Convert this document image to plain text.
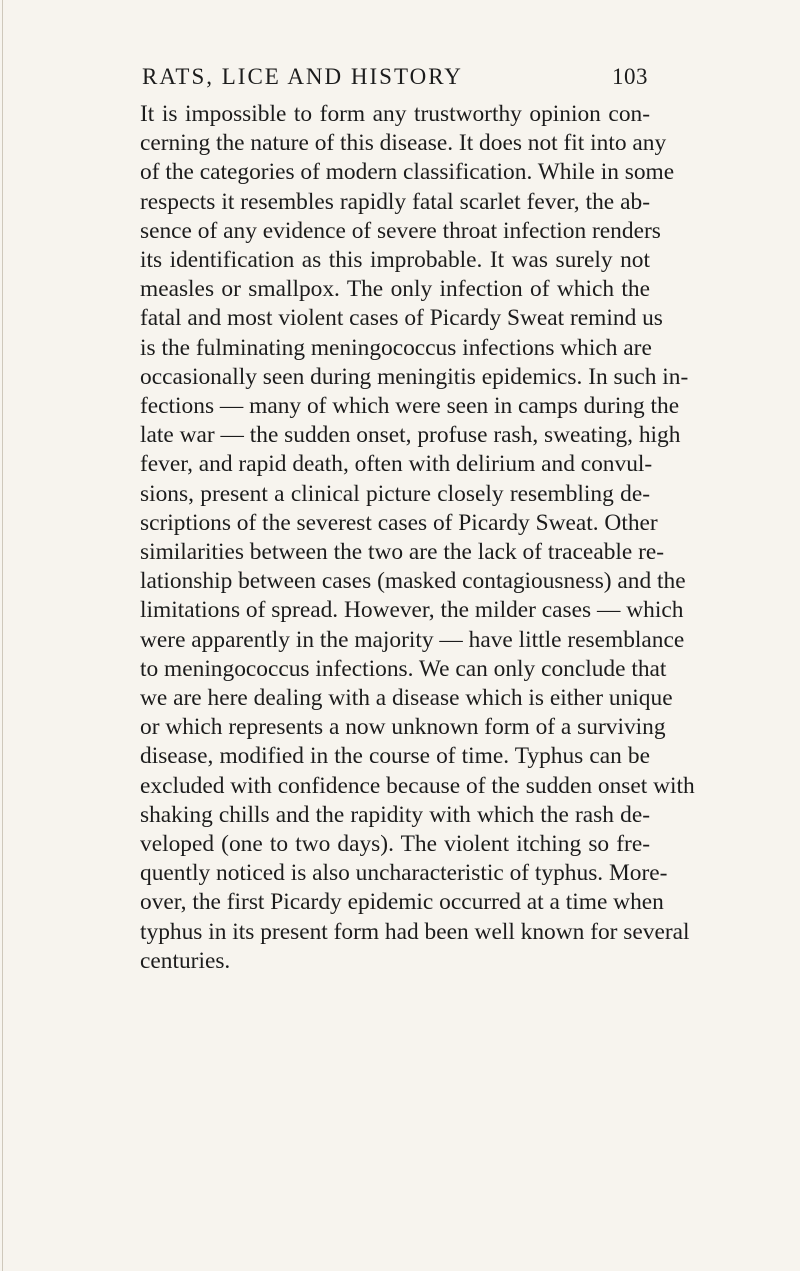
RATS, LICE AND HISTORY	103
It is impossible to form any trustworthy opinion con-
cerning the nature of this disease. It does not fit into any
of the categories of modern classification. While in some
respects it resembles rapidly fatal scarlet fever, the ab-
sence of any evidence of severe throat infection renders
its identification as this improbable. It was surely not
measles or smallpox. The only infection of which the
fatal and most violent cases of Picardy Sweat remind us
is the fulminating meningococcus infections which are
occasionally seen during meningitis epidemics. In such in-
fections — many of which were seen in camps during the
late war — the sudden onset, profuse rash, sweating, high
fever, and rapid death, often with delirium and convul-
sions, present a clinical picture closely resembling de-
scriptions of the severest cases of Picardy Sweat. Other
similarities between the two are the lack of traceable re-
lationship between cases (masked contagiousness) and the
limitations of spread. However, the milder cases — which
were apparently in the majority — have little resemblance
to meningococcus infections. We can only conclude that
we are here dealing with a disease which is either unique
or which represents a now unknown form of a surviving
disease, modified in the course of time. Typhus can be
excluded with confidence because of the sudden onset with
shaking chills and the rapidity with which the rash de-
veloped (one to two days). The violent itching so fre-
quently noticed is also uncharacteristic of typhus. More-
over, the first Picardy epidemic occurred at a time when
typhus in its present form had been well known for several
centuries.
